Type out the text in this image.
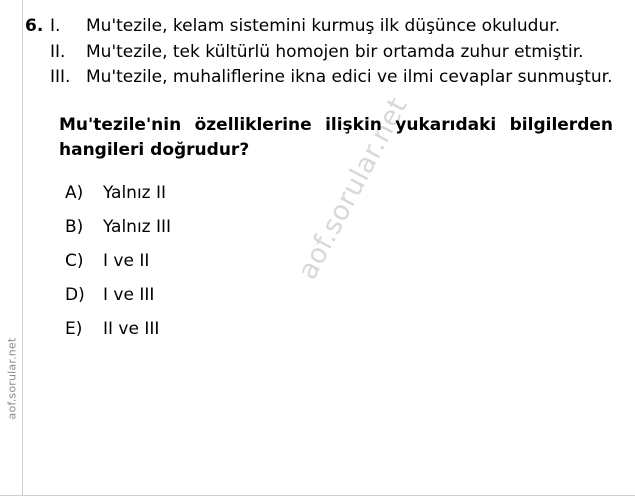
aof.sorular.net
aof.sorular.net
6. I.	Mu'tezile, kelam sistemini kurmuş ilk düşünce okuludur.
II.	Mu'tezile, tek kültürlü homojen bir ortamda zuhur etmiştir.
III. Mu'tezile, muhaliflerine ikna edici ve ilmi cevaplar sunmuştur.
Mu'tezile'nin özelliklerine ilişkin yukarıdaki bilgilerden hangileri doğrudur?
A)	Yalnız II
B)	Yalnız III
C)	I ve II
D)	I ve III
E)	II ve III
